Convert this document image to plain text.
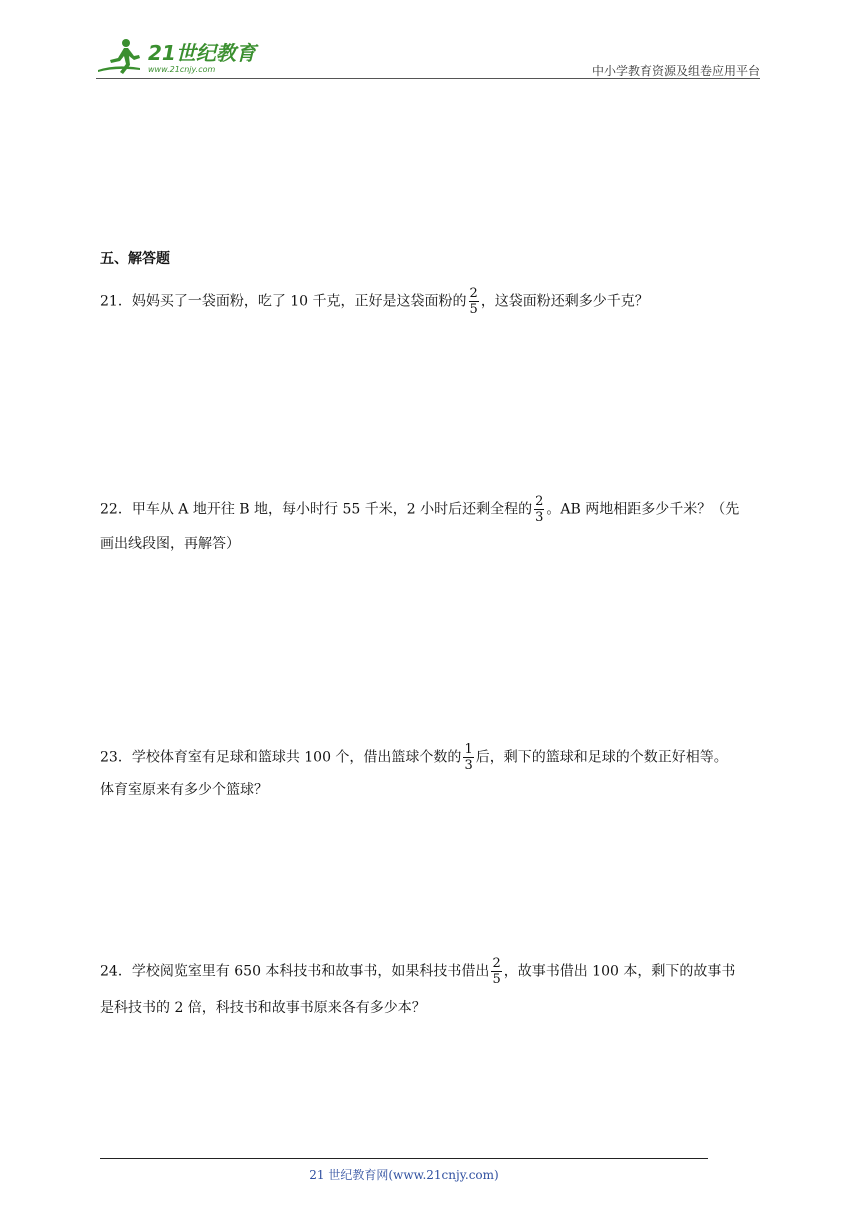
21世纪教育
www.21cnjy.com	中小学教育资源及组卷应用平台
五、解答题
21．妈妈买了一袋面粉，吃了 10 千克，正好是这袋面粉的 $\frac{2}{5}$ ，这袋面粉还剩多少千克？
22．甲车从 A 地开往 B 地，每小时行 55 千米，2 小时后还剩全程的 $\frac{2}{3}$ 。AB 两地相距多少千米？（先
画出线段图，再解答）
23．学校体育室有足球和篮球共 100 个，借出篮球个数的 $\frac{1}{3}$ 后，剩下的篮球和足球的个数正好相等。
体育室原来有多少个篮球？
24．学校阅览室里有 650 本科技书和故事书，如果科技书借出 $\frac{2}{5}$ ，故事书借出 100 本，剩下的故事书
是科技书的 2 倍，科技书和故事书原来各有多少本？
21 世纪教育网(www.21cnjy.com)
